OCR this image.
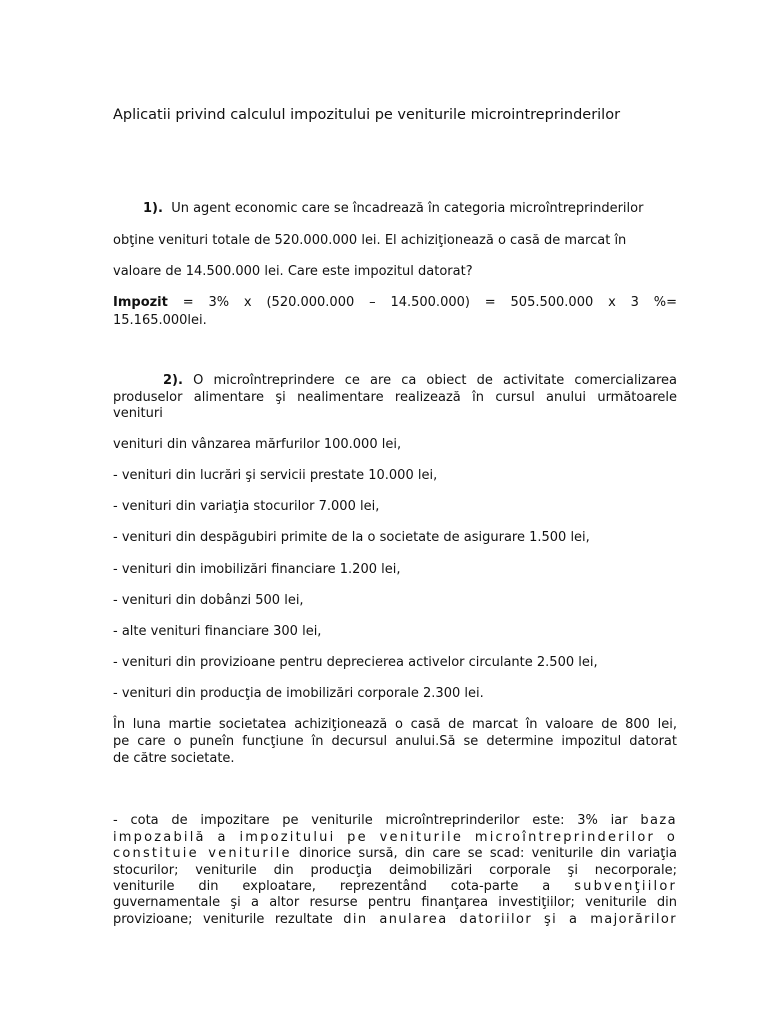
Aplicatii privind calculul impozitului pe veniturile microintreprinderilor
1). Un agent economic care se încadrează în categoria microîntreprinderilor
obţine venituri totale de 520.000.000 lei. El achiziţionează o casă de marcat în
valoare de 14.500.000 lei. Care este impozitul datorat?
Impozit = 3% x (520.000.000 – 14.500.000) = 505.500.000 x 3 %=
15.165.000lei.
2). O microîntreprindere ce are ca obiect de activitate comercializarea
produselor alimentare şi nealimentare realizează în cursul anului următoarele
venituri
venituri din vânzarea mărfurilor 100.000 lei,
- venituri din lucrări şi servicii prestate 10.000 lei,
- venituri din variaţia stocurilor 7.000 lei,
- venituri din despăgubiri primite de la o societate de asigurare 1.500 lei,
- venituri din imobilizări financiare 1.200 lei,
- venituri din dobânzi 500 lei,
- alte venituri financiare 300 lei,
- venituri din provizioane pentru deprecierea activelor circulante 2.500 lei,
- venituri din producţia de imobilizări corporale 2.300 lei.
În luna martie societatea achiziţionează o casă de marcat în valoare de 800 lei,
pe care o puneîn funcţiune în decursul anului.Să se determine impozitul datorat
de către societate.
- cota de impozitare pe veniturile microîntreprinderilor este: 3% iar baza
impozabilă a impozitului pe veniturile microîntreprinderilor o
constituie veniturile dinorice sursă, din care se scad: veniturile din variaţia
stocurilor; veniturile din producţia deimobilizări corporale şi necorporale;
veniturile din exploatare, reprezentând cota-parte a subvenţiilor
guvernamentale şi a altor resurse pentru finanţarea investiţiilor; veniturile din
provizioane; veniturile rezultate din anularea datoriilor şi a majorărilor
